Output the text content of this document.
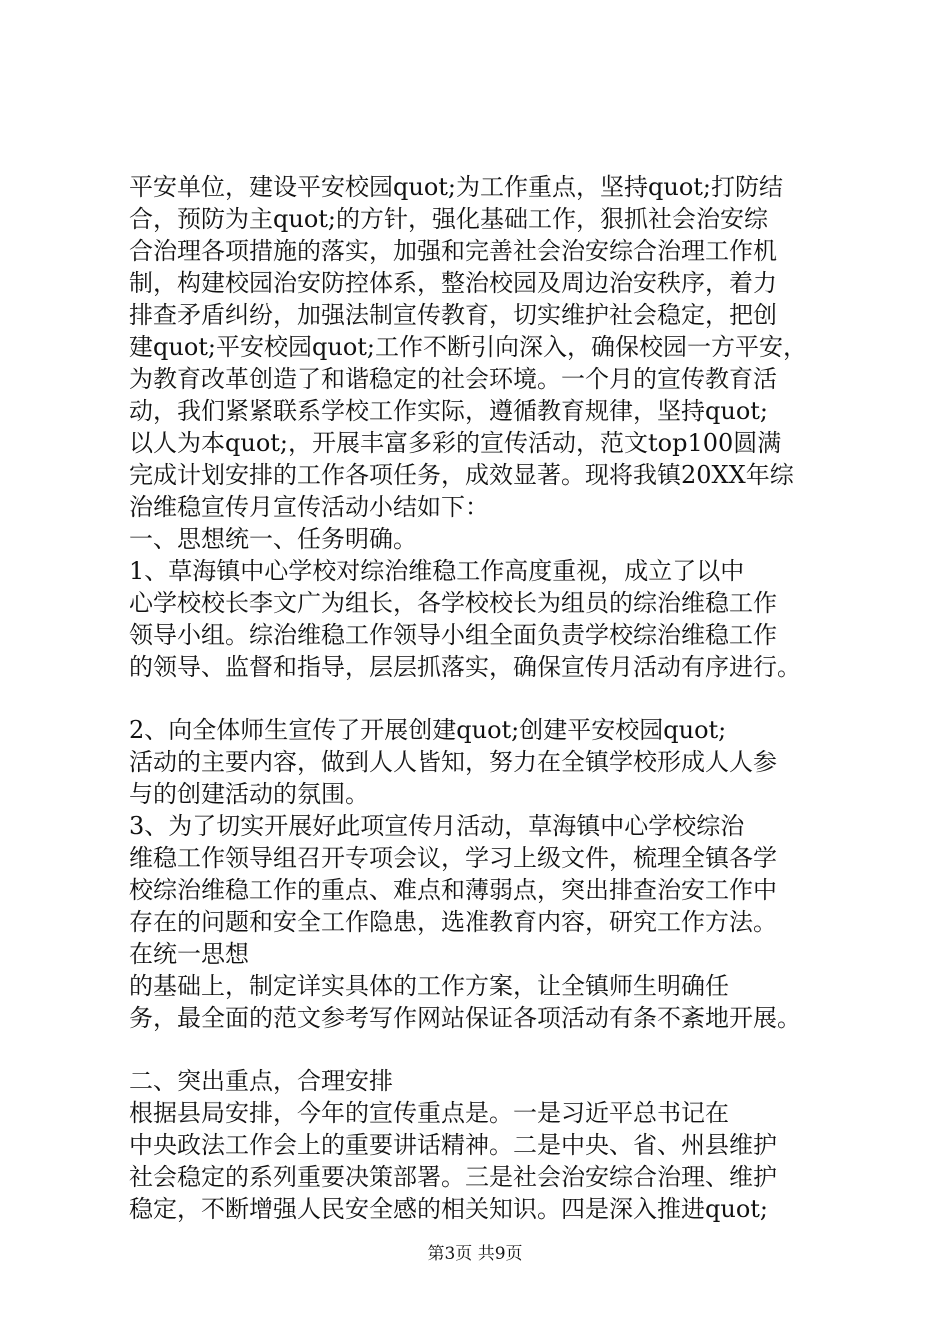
平安单位，建设平安校园quot;为工作重点，坚持quot;打防结
合，预防为主quot;的方针，强化基础工作，狠抓社会治安综
合治理各项措施的落实，加强和完善社会治安综合治理工作机
制，构建校园治安防控体系，整治校园及周边治安秩序，着力
排查矛盾纠纷，加强法制宣传教育，切实维护社会稳定，把创
建quot;平安校园quot;工作不断引向深入，确保校园一方平安，
为教育改革创造了和谐稳定的社会环境。一个月的宣传教育活
动，我们紧紧联系学校工作实际，遵循教育规律，坚持quot;
以人为本quot;，开展丰富多彩的宣传活动，范文top100圆满
完成计划安排的工作各项任务，成效显著。现将我镇20XX年综
治维稳宣传月宣传活动小结如下：
一、思想统一、任务明确。
1、草海镇中心学校对综治维稳工作高度重视，成立了以中
心学校校长李文广为组长，各学校校长为组员的综治维稳工作
领导小组。综治维稳工作领导小组全面负责学校综治维稳工作
的领导、监督和指导，层层抓落实，确保宣传月活动有序进行。
2、向全体师生宣传了开展创建quot;创建平安校园quot;
活动的主要内容，做到人人皆知，努力在全镇学校形成人人参
与的创建活动的氛围。
3、为了切实开展好此项宣传月活动，草海镇中心学校综治
维稳工作领导组召开专项会议，学习上级文件，梳理全镇各学
校综治维稳工作的重点、难点和薄弱点，突出排查治安工作中
存在的问题和安全工作隐患，选准教育内容，研究工作方法。
在统一思想
的基础上，制定详实具体的工作方案，让全镇师生明确任
务，最全面的范文参考写作网站保证各项活动有条不紊地开展。
二、突出重点，合理安排
根据县局安排，今年的宣传重点是。一是习近平总书记在
中央政法工作会上的重要讲话精神。二是中央、省、州县维护
社会稳定的系列重要决策部署。三是社会治安综合治理、维护
稳定，不断增强人民安全感的相关知识。四是深入推进quot;
第3页 共9页
